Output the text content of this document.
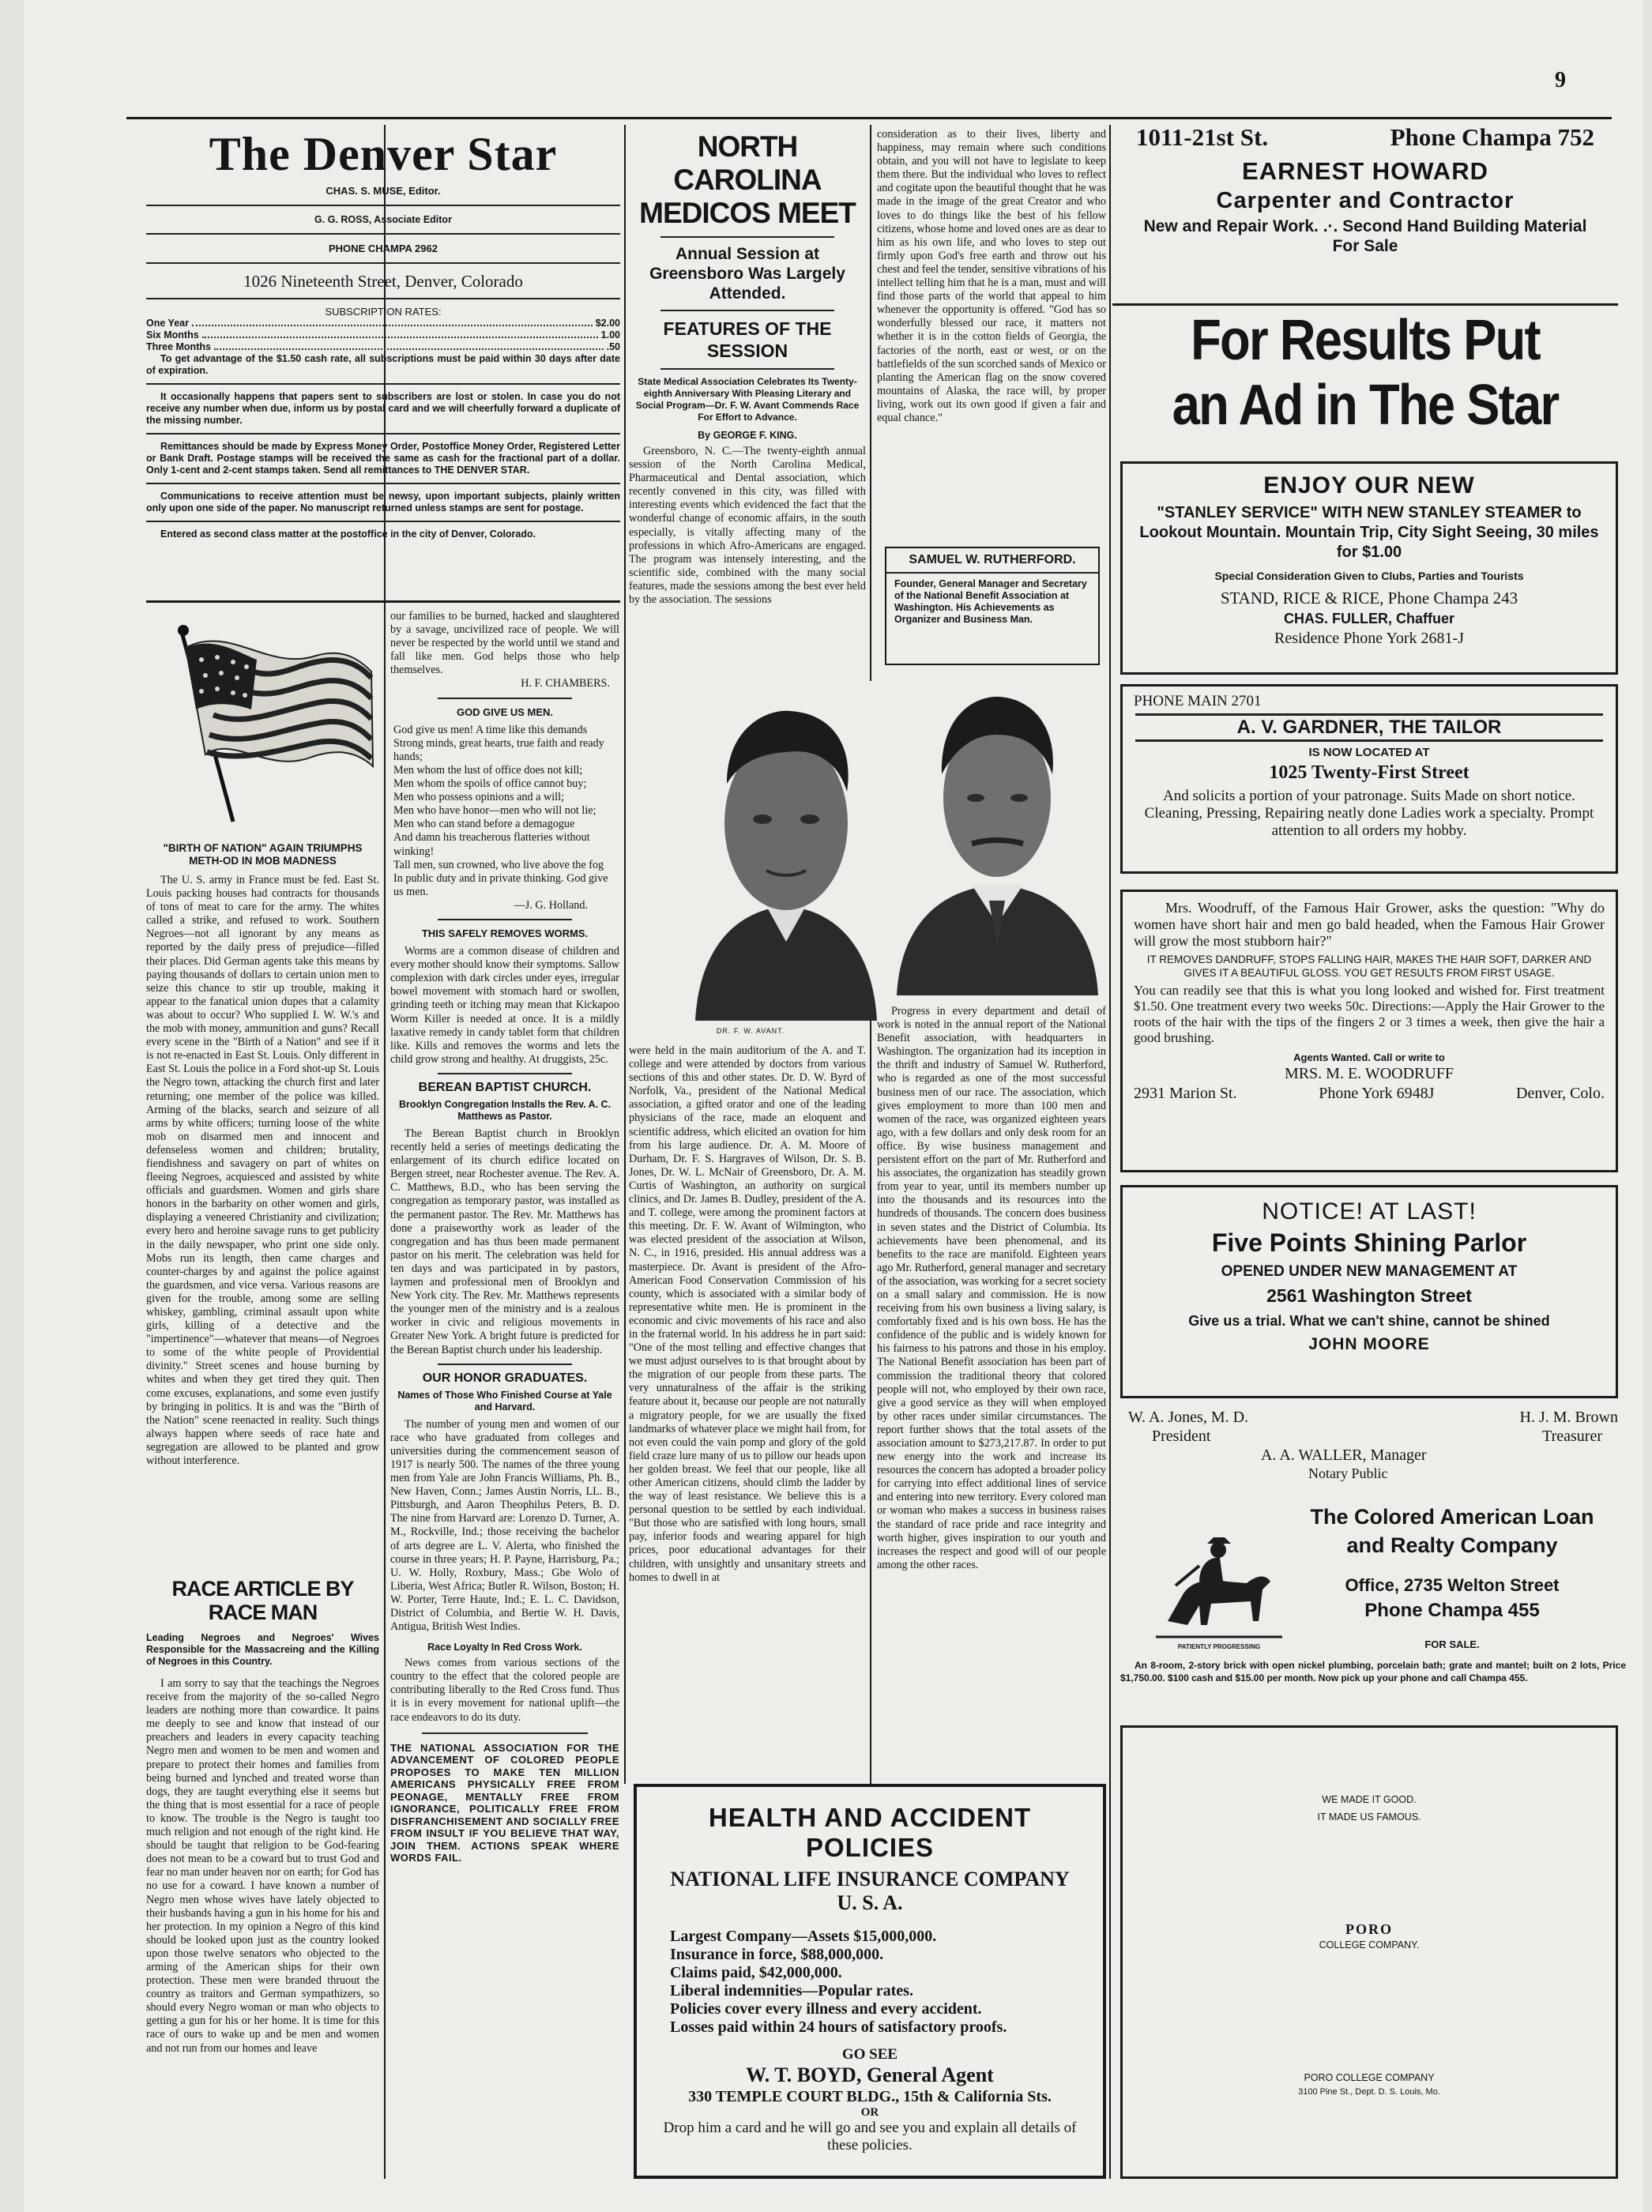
9
The Denver Star
CHAS. S. MUSE, Editor.
G. G. ROSS, Associate Editor
PHONE CHAMPA 2962
1026 Nineteenth Street, Denver, Colorado
SUBSCRIPTION RATES:
One Year	$2.00
Six Months	1.00
Three Months	.50
To get advantage of the $1.50 cash rate, all subscriptions must be paid within 30 days after date of expiration.
It occasionally happens that papers sent to subscribers are lost or stolen. In case you do not receive any number when due, inform us by postal card and we will cheerfully forward a duplicate of the missing number.
Remittances should be made by Express Money Order, Postoffice Money Order, Registered Letter or Bank Draft. Postage stamps will be received the same as cash for the fractional part of a dollar. Only 1-cent and 2-cent stamps taken. Send all remittances to THE DENVER STAR.
Communications to receive attention must be newsy, upon important subjects, plainly written only upon one side of the paper. No manuscript returned unless stamps are sent for postage.
Entered as second class matter at the postoffice in the city of Denver, Colorado.
"BIRTH OF NATION" AGAIN TRIUMPHS METH-OD IN MOB MADNESS

The U. S. army in France must be fed. East St. Louis packing houses had contracts for thousands of tons of meat to care for the army. The whites called a strike, and refused to work. Southern Negroes—not all ignorant by any means as reported by the daily press of prejudice—filled their places. Did German agents take this means by paying thousands of dollars to certain union men to seize this chance to stir up trouble, making it appear to the fanatical union dupes that a calamity was about to occur? Who supplied I. W. W.'s and the mob with money, ammunition and guns? Recall every scene in the "Birth of a Nation" and see if it is not re-enacted in East St. Louis. Only different in East St. Louis the police in a Ford shot-up St. Louis the Negro town, attacking the church first and later returning; one member of the police was killed. Arming of the blacks, search and seizure of all arms by white officers; turning loose of the white mob on disarmed men and innocent and defenseless women and children; brutality, fiendishness and savagery on part of whites on fleeing Negroes, acquiesced and assisted by white officials and guardsmen. Women and girls share honors in the barbarity on other women and girls, displaying a veneered Christianity and civilization; every hero and heroine savage runs to get publicity in the daily newspaper, who print one side only. Mobs run its length, then came charges and counter-charges by and against the police against the guardsmen, and vice versa. Various reasons are given for the trouble, among some are selling whiskey, gambling, criminal assault upon white girls, killing of a detective and the "impertinence"—whatever that means—of Negroes to some of the white people of Providential divinity." Street scenes and house burning by whites and when they get tired they quit. Then come excuses, explanations, and some even justify by bringing in politics. It is and was the "Birth of the Nation" scene reenacted in reality. Such things always happen where seeds of race hate and segregation are allowed to be planted and grow without interference.

RACE ARTICLE BY RACE MAN
Leading Negroes and Negroes' Wives Responsible for the Massacreing and the Killing of Negroes in this Country.

I am sorry to say that the teachings the Negroes receive from the majority of the so-called Negro leaders are nothing more than cowardice. It pains me deeply to see and know that instead of our preachers and leaders in every capacity teaching Negro men and women to be men and women and prepare to protect their homes and families from being burned and lynched and treated worse than dogs, they are taught everything else it seems but the thing that is most essential for a race of people to know. The trouble is the Negro is taught too much religion and not enough of the right kind. He should be taught that religion to be God-fearing does not mean to be a coward but to trust God and fear no man under heaven nor on earth; for God has no use for a coward. I have known a number of Negro men whose wives have lately objected to their husbands having a gun in his home for his and her protection. In my opinion a Negro of this kind should be looked upon just as the country looked upon those twelve senators who objected to the arming of the American ships for their own protection. These men were branded thruout the country as traitors and German sympathizers, so should every Negro woman or man who objects to getting a gun for his or her home. It is time for this race of ours to wake up and be men and women and not run from our homes and leave

our families to be burned, hacked and slaughtered by a savage, uncivilized race of people. We will never be respected by the world until we stand and fall like men. God helps those who help themselves.

H. F. CHAMBERS.
GOD GIVE US MEN.
God give us men! A time like this demands
Strong minds, great hearts, true faith and ready hands;
Men whom the lust of office does not kill;
Men whom the spoils of office cannot buy;
Men who possess opinions and a will;
Men who have honor—men who will not lie;
Men who can stand before a demagogue
And damn his treacherous flatteries without winking!
Tall men, sun crowned, who live above the fog
In public duty and in private thinking. God give us men.
—J. G. Holland.
THIS SAFELY REMOVES WORMS.

Worms are a common disease of children and every mother should know their symptoms. Sallow complexion with dark circles under eyes, irregular bowel movement with stomach hard or swollen, grinding teeth or itching may mean that Kickapoo Worm Killer is needed at once. It is a mildly laxative remedy in candy tablet form that children like. Kills and removes the worms and lets the child grow strong and healthy. At druggists, 25c.

BEREAN BAPTIST CHURCH.
Brooklyn Congregation Installs the Rev. A. C. Matthews as Pastor.

The Berean Baptist church in Brooklyn recently held a series of meetings dedicating the enlargement of its church edifice located on Bergen street, near Rochester avenue. The Rev. A. C. Matthews, B.D., who has been serving the congregation as temporary pastor, was installed as the permanent pastor. The Rev. Mr. Matthews has done a praiseworthy work as leader of the congregation and has thus been made permanent pastor on his merit. The celebration was held for ten days and was participated in by pastors, laymen and professional men of Brooklyn and New York city. The Rev. Mr. Matthews represents the younger men of the ministry and is a zealous worker in civic and religious movements in Greater New York. A bright future is predicted for the Berean Baptist church under his leadership.

OUR HONOR GRADUATES.
Names of Those Who Finished Course at Yale and Harvard.

The number of young men and women of our race who have graduated from colleges and universities during the commencement season of 1917 is nearly 500. The names of the three young men from Yale are John Francis Williams, Ph. B., New Haven, Conn.; James Austin Norris, LL. B., Pittsburgh, and Aaron Theophilus Peters, B. D. The nine from Harvard are: Lorenzo D. Turner, A. M., Rockville, Ind.; those receiving the bachelor of arts degree are L. V. Alerta, who finished the course in three years; H. P. Payne, Harrisburg, Pa.; U. W. Holly, Roxbury, Mass.; Gbe Wolo of Liberia, West Africa; Butler R. Wilson, Boston; H. W. Porter, Terre Haute, Ind.; E. L. C. Davidson, District of Columbia, and Bertie W. H. Davis, Antigua, British West Indies.

Race Loyalty In Red Cross Work.

News comes from various sections of the country to the effect that the colored people are contributing liberally to the Red Cross fund. Thus it is in every movement for national uplift—the race endeavors to do its duty.

THE NATIONAL ASSOCIATION FOR THE ADVANCEMENT OF COLORED PEOPLE PROPOSES TO MAKE TEN MILLION AMERICANS PHYSICALLY FREE FROM PEONAGE, MENTALLY FREE FROM IGNORANCE, POLITICALLY FREE FROM DISFRANCHISEMENT AND SOCIALLY FREE FROM INSULT IF YOU BELIEVE THAT WAY, JOIN THEM. ACTIONS SPEAK WHERE WORDS FAIL.
NORTH CAROLINA
MEDICOS MEET
Annual Session at Greensboro Was Largely Attended.
FEATURES OF THE SESSION
State Medical Association Celebrates Its Twenty-eighth Anniversary With Pleasing Literary and Social Program—Dr. F. W. Avant Commends Race For Effort to Advance.
By GEORGE F. KING.

Greensboro, N. C.—The twenty-eighth annual session of the North Carolina Medical, Pharmaceutical and Dental association, which recently convened in this city, was filled with interesting events which evidenced the fact that the wonderful change of economic affairs, in the south especially, is vitally affecting many of the professions in which Afro-Americans are engaged. The program was intensely interesting, and the scientific side, combined with the many social features, made the sessions among the best ever held by the association. The sessions

DR. F. W. AVANT.

were held in the main auditorium of the A. and T. college and were attended by doctors from various sections of this and other states. Dr. D. W. Byrd of Norfolk, Va., president of the National Medical association, a gifted orator and one of the leading physicians of the race, made an eloquent and scientific address, which elicited an ovation for him from his large audience. Dr. A. M. Moore of Durham, Dr. F. S. Hargraves of Wilson, Dr. S. B. Jones, Dr. W. L. McNair of Greensboro, Dr. A. M. Curtis of Washington, an authority on surgical clinics, and Dr. James B. Dudley, president of the A. and T. college, were among the prominent factors at this meeting. Dr. F. W. Avant of Wilmington, who was elected president of the association at Wilson, N. C., in 1916, presided. His annual address was a masterpiece. Dr. Avant is president of the Afro-American Food Conservation Commission of his county, which is associated with a similar body of representative white men. He is prominent in the economic and civic movements of his race and also in the fraternal world. In his address he in part said: "One of the most telling and effective changes that we must adjust ourselves to is that brought about by the migration of our people from these parts. The very unnaturalness of the affair is the striking feature about it, because our people are not naturally a migratory people, for we are usually the fixed landmarks of whatever place we might hail from, for not even could the vain pomp and glory of the gold field craze lure many of us to pillow our heads upon her golden breast. We feel that our people, like all other American citizens, should climb the ladder by the way of least resistance. We believe this is a personal question to be settled by each individual. "But those who are satisfied with long hours, small pay, inferior foods and wearing apparel for high prices, poor educational advantages for their children, with unsightly and unsanitary streets and homes to dwell in at

consideration as to their lives, liberty and happiness, may remain where such conditions obtain, and you will not have to legislate to keep them there. But the individual who loves to reflect and cogitate upon the beautiful thought that he was made in the image of the great Creator and who loves to do things like the best of his fellow citizens, whose home and loved ones are as dear to him as his own life, and who loves to step out firmly upon God's free earth and throw out his chest and feel the tender, sensitive vibrations of his intellect telling him that he is a man, must and will find those parts of the world that appeal to him whenever the opportunity is offered. "God has so wonderfully blessed our race, it matters not whether it is in the cotton fields of Georgia, the factories of the north, east or west, or on the battlefields of the sun scorched sands of Mexico or planting the American flag on the snow covered mountains of Alaska, the race will, by proper living, work out its own good if given a fair and equal chance."

SAMUEL W. RUTHERFORD.
Founder, General Manager and Secretary of the National Benefit Association at Washington. His Achievements as Organizer and Business Man.

Progress in every department and detail of work is noted in the annual report of the National Benefit association, with headquarters in Washington. The organization had its inception in the thrift and industry of Samuel W. Rutherford, who is regarded as one of the most successful business men of our race. The association, which gives employment to more than 100 men and women of the race, was organized eighteen years ago, with a few dollars and only desk room for an office. By wise business management and persistent effort on the part of Mr. Rutherford and his associates, the organization has steadily grown from year to year, until its members number up into the thousands and its resources into the hundreds of thousands. The concern does business in seven states and the District of Columbia. Its achievements have been phenomenal, and its benefits to the race are manifold. Eighteen years ago Mr. Rutherford, general manager and secretary of the association, was working for a secret society on a small salary and commission. He is now receiving from his own business a living salary, is comfortably fixed and is his own boss. He has the confidence of the public and is widely known for his fairness to his patrons and those in his employ. The National Benefit association has been part of commission the traditional theory that colored people will not, who employed by their own race, give a good service as they will when employed by other races under similar circumstances. The report further shows that the total assets of the association amount to $273,217.87. In order to put new energy into the work and increase its resources the concern has adopted a broader policy for carrying into effect additional lines of service and entering into new territory. Every colored man or woman who makes a success in business raises the standard of race pride and race integrity and worth higher, gives inspiration to our youth and increases the respect and good will of our people among the other races.

HEALTH AND ACCIDENT
POLICIES
NATIONAL LIFE INSURANCE COMPANY
U. S. A.
Largest Company—Assets $15,000,000.
Insurance in force, $88,000,000.
Claims paid, $42,000,000.
Liberal indemnities—Popular rates.
Policies cover every illness and every accident.
Losses paid within 24 hours of satisfactory proofs.
GO SEE
W. T. BOYD, General Agent
330 TEMPLE COURT BLDG., 15th & California Sts.
OR
Drop him a card and he will go and see you and explain all details of these policies.
1011-21st St.	Phone Champa 752
EARNEST HOWARD
Carpenter and Contractor
New and Repair Work. .·. Second Hand Building Material For Sale
For Results Put
an Ad in The Star
ENJOY OUR NEW
"STANLEY SERVICE" WITH NEW STANLEY STEAMER to Lookout Mountain. Mountain Trip, City Sight Seeing, 30 miles for $1.00
Special Consideration Given to Clubs, Parties and Tourists
STAND, RICE & RICE, Phone Champa 243
CHAS. FULLER, Chaffuer
Residence Phone York 2681-J
PHONE MAIN 2701
A. V. GARDNER, THE TAILOR
IS NOW LOCATED AT
1025 Twenty-First Street
And solicits a portion of your patronage. Suits Made on short notice. Cleaning, Pressing, Repairing neatly done Ladies work a specialty. Prompt attention to all orders my hobby.
Mrs. Woodruff, of the Famous Hair Grower, asks the question: "Why do women have short hair and men go bald headed, when the Famous Hair Grower will grow the most stubborn hair?"
IT REMOVES DANDRUFF, STOPS FALLING HAIR, MAKES THE HAIR SOFT, DARKER AND GIVES IT A BEAUTIFUL GLOSS. YOU GET RESULTS FROM FIRST USAGE.
You can readily see that this is what you long looked and wished for. First treatment $1.50. One treatment every two weeks 50c. Directions:—Apply the Hair Grower to the roots of the hair with the tips of the fingers 2 or 3 times a week, then give the hair a good brushing.
Agents Wanted. Call or write to
MRS. M. E. WOODRUFF
2931 Marion St.	Phone York 6948J	Denver, Colo.
NOTICE! AT LAST!
Five Points Shining Parlor
OPENED UNDER NEW MANAGEMENT AT
2561 Washington Street
Give us a trial. What we can't shine, cannot be shined
JOHN MOORE
W. A. Jones, M. D.	H. J. M. Brown
President	Treasurer
A. A. WALLER, Manager
Notary Public
PATIENTLY PROGRESSING
The Colored American Loan and Realty Company
Office, 2735 Welton Street
Phone Champa 455
FOR SALE.
An 8-room, 2-story brick with open nickel plumbing, porcelain bath; grate and mantel; built on 2 lots, Price $1,750.00. $100 cash and $15.00 per month. Now pick up your phone and call Champa 455.
WE MADE IT GOOD.
IT MADE US FAMOUS.
PORO
COLLEGE COMPANY.
PORO COLLEGE COMPANY
3100 Pine St., Dept. D. S. Louis, Mo.
